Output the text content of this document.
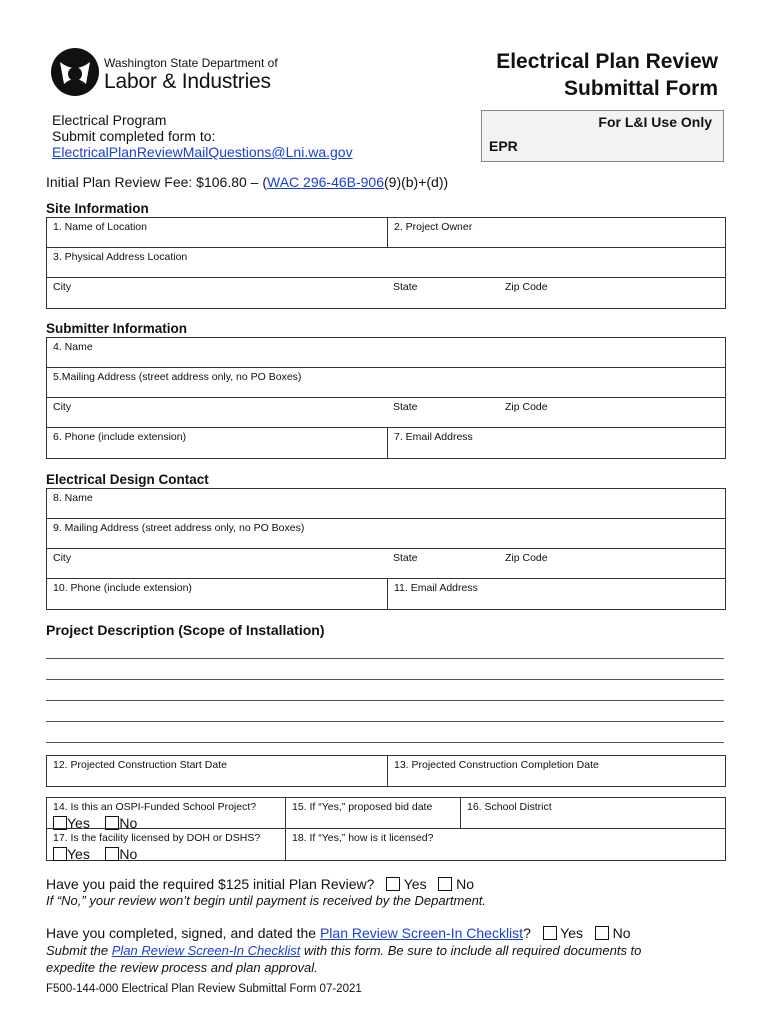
Washington State Department of
Labor & Industries
Electrical Plan Review
Submittal Form
Electrical Program
Submit completed form to:
ElectricalPlanReviewMailQuestions@Lni.wa.gov
For L&I Use Only
EPR
Initial Plan Review Fee: $106.80 – (WAC 296-46B-906(9)(b)+(d))
Site Information
1. Name of Location	2. Project Owner
3. Physical Address Location
City	State	Zip Code
Submitter Information
4. Name
5.Mailing Address (street address only, no PO Boxes)
City	State	Zip Code
6. Phone (include extension)	7. Email Address
Electrical Design Contact
8. Name
9. Mailing Address (street address only, no PO Boxes)
City	State	Zip Code
10. Phone (include extension)	11. Email Address
Project Description (Scope of Installation)
12. Projected Construction Start Date	13. Projected Construction Completion Date
14. Is this an OSPI-Funded School Project?
Yes No
15. If “Yes,” proposed bid date	16. School District
17. Is the facility licensed by DOH or DSHS?
Yes No
18. If “Yes,” how is it licensed?
Have you paid the required $125 initial Plan Review? Yes No
If “No,” your review won’t begin until payment is received by the Department.
Have you completed, signed, and dated the Plan Review Screen-In Checklist? Yes No
Submit the Plan Review Screen-In Checklist with this form. Be sure to include all required documents to
expedite the review process and plan approval.
F500-144-000 Electrical Plan Review Submittal Form 07-2021
